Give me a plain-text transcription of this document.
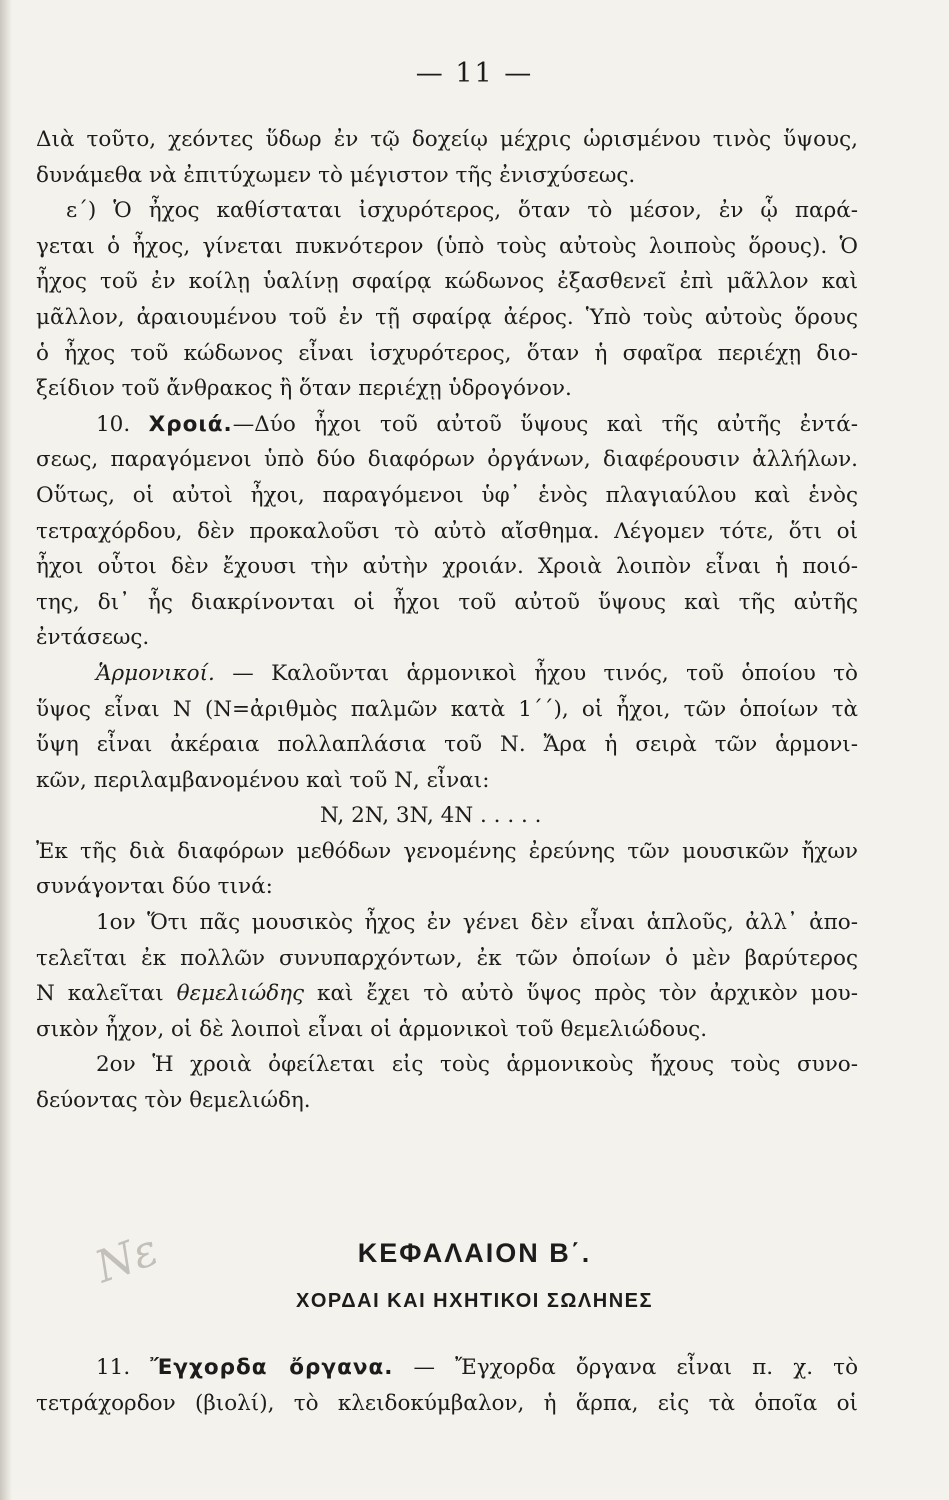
— 11 —
Διὰ τοῦτο, χεόντες ὕδωρ ἐν τῷ δοχείῳ μέχρις ὡρισμένου τινὸς ὕψους,
δυνάμεθα νὰ ἐπιτύχωμεν τὸ μέγιστον τῆς ἐνισχύσεως.
ε΄) Ὁ ἦχος καθίσταται ἰσχυρότερος, ὅταν τὸ μέσον, ἐν ᾧ παρά-
γεται ὁ ἦχος, γίνεται πυκνότερον (ὑπὸ τοὺς αὐτοὺς λοιποὺς ὅρους). Ὁ
ἦχος τοῦ ἐν κοίλῃ ὑαλίνῃ σφαίρᾳ κώδωνος ἐξασθενεῖ ἐπὶ μᾶλλον καὶ
μᾶλλον, ἀραιουμένου τοῦ ἐν τῇ σφαίρᾳ ἀέρος. Ὑπὸ τοὺς αὐτοὺς ὅρους
ὁ ἦχος τοῦ κώδωνος εἶναι ἰσχυρότερος, ὅταν ἡ σφαῖρα περιέχῃ διο-
ξείδιον τοῦ ἄνθρακος ἢ ὅταν περιέχῃ ὑδρογόνον.
10. Χροιά.—Δύο ἦχοι τοῦ αὐτοῦ ὕψους καὶ τῆς αὐτῆς ἐντά-
σεως, παραγόμενοι ὑπὸ δύο διαφόρων ὀργάνων, διαφέρουσιν ἀλλήλων.
Οὕτως, οἱ αὐτοὶ ἦχοι, παραγόμενοι ὑφ᾽ ἑνὸς πλαγιαύλου καὶ ἑνὸς
τετραχόρδου, δὲν προκαλοῦσι τὸ αὐτὸ αἴσθημα. Λέγομεν τότε, ὅτι οἱ
ἦχοι οὗτοι δὲν ἔχουσι τὴν αὐτὴν χροιάν. Χροιὰ λοιπὸν εἶναι ἡ ποιό-
της, δι᾽ ἧς διακρίνονται οἱ ἦχοι τοῦ αὐτοῦ ὕψους καὶ τῆς αὐτῆς
ἐντάσεως.
Ἁρμονικοί. — Καλοῦνται ἁρμονικοὶ ἦχου τινός, τοῦ ὁποίου τὸ
ὕψος εἶναι Ν (Ν=ἀριθμὸς παλμῶν κατὰ 1΄΄), οἱ ἦχοι, τῶν ὁποίων τὰ
ὕψη εἶναι ἀκέραια πολλαπλάσια τοῦ Ν. Ἄρα ἡ σειρὰ τῶν ἁρμονι-
κῶν, περιλαμβανομένου καὶ τοῦ Ν, εἶναι:
N, 2N, 3N, 4N . . . . .
Ἐκ τῆς διὰ διαφόρων μεθόδων γενομένης ἐρεύνης τῶν μουσικῶν ἤχων
συνάγονται δύο τινά:
1ον Ὅτι πᾶς μουσικὸς ἦχος ἐν γένει δὲν εἶναι ἁπλοῦς, ἀλλ᾽ ἀπο-
τελεῖται ἐκ πολλῶν συνυπαρχόντων, ἐκ τῶν ὁποίων ὁ μὲν βαρύτερος
Ν καλεῖται θεμελιώδης καὶ ἔχει τὸ αὐτὸ ὕψος πρὸς τὸν ἀρχικὸν μου-
σικὸν ἦχον, οἱ δὲ λοιποὶ εἶναι οἱ ἁρμονικοὶ τοῦ θεμελιώδους.
2ον Ἡ χροιὰ ὀφείλεται εἰς τοὺς ἁρμονικοὺς ἤχους τοὺς συνο-
δεύοντας τὸν θεμελιώδη.
Νε	ΚΕΦΑΛΑΙΟΝ Β΄.
ΧΟΡΔΑΙ ΚΑΙ ΗΧΗΤΙΚΟΙ ΣΩΛΗΝΕΣ
11. Ἔγχορδα ὄργανα. — Ἔγχορδα ὄργανα εἶναι π. χ. τὸ
τετράχορδον (βιολί), τὸ κλειδοκύμβαλον, ἡ ἅρπα, εἰς τὰ ὁποῖα οἱ
